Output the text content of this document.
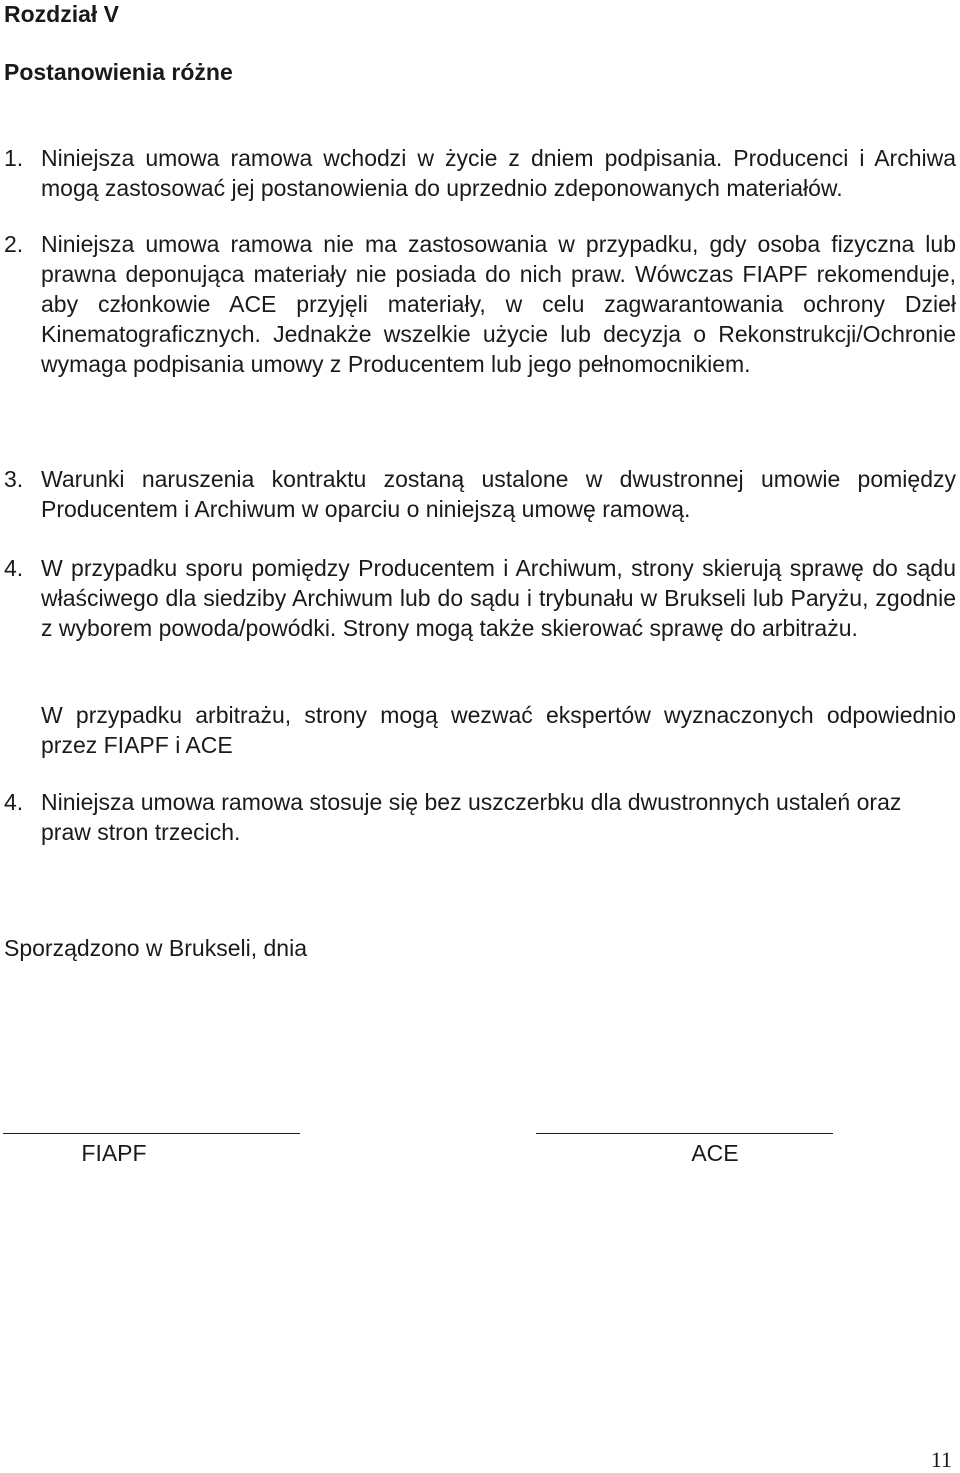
Rozdział V
Postanowienia różne
1. Niniejsza umowa ramowa wchodzi w życie z dniem podpisania. Producenci i Archiwa mogą zastosować jej postanowienia do uprzednio zdeponowanych materiałów.
2. Niniejsza umowa ramowa nie ma zastosowania w przypadku, gdy osoba fizyczna lub prawna deponująca materiały nie posiada do nich praw. Wówczas FIAPF rekomenduje, aby członkowie ACE przyjęli materiały, w celu zagwarantowania ochrony Dzieł Kinematograficznych. Jednakże wszelkie użycie lub decyzja o Rekonstrukcji/Ochronie wymaga podpisania umowy z Producentem lub jego pełnomocnikiem.
3. Warunki naruszenia kontraktu zostaną ustalone w dwustronnej umowie pomiędzy Producentem i Archiwum w oparciu o niniejszą umowę ramową.
4. W przypadku sporu pomiędzy Producentem i Archiwum, strony skierują sprawę do sądu właściwego dla siedziby Archiwum lub do sądu i trybunału w Brukseli lub Paryżu, zgodnie z wyborem powoda/powódki. Strony mogą także skierować sprawę do arbitrażu.
W przypadku arbitrażu, strony mogą wezwać ekspertów wyznaczonych odpowiednio przez FIAPF i ACE
4. Niniejsza umowa ramowa stosuje się bez uszczerbku dla dwustronnych ustaleń oraz praw stron trzecich.
Sporządzono w Brukseli, dnia
FIAPF	ACE
11
